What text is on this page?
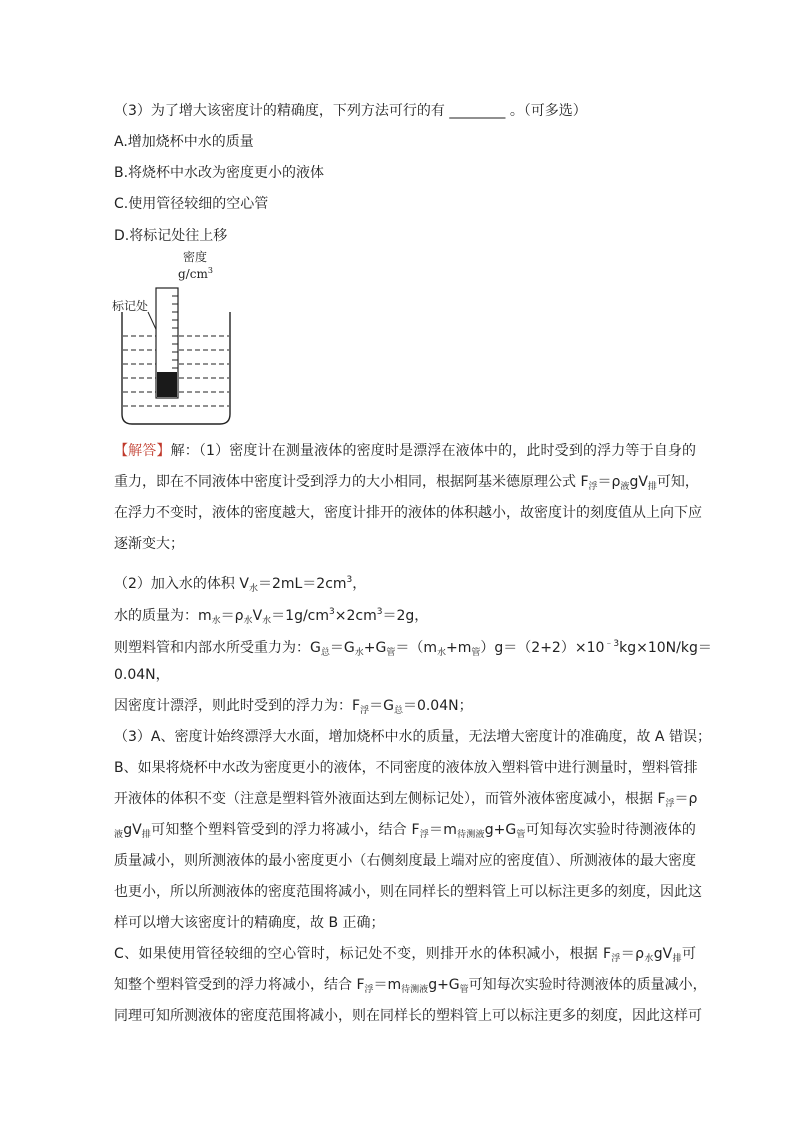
（3）为了增大该密度计的精确度，下列方法可行的有 ________ 。（可多选）
A.增加烧杯中水的质量
B.将烧杯中水改为密度更小的液体
C.使用管径较细的空心管
D.将标记处往上移
密度
$g/cm^3$
标记处
【解答】解：（1）密度计在测量液体的密度时是漂浮在液体中的，此时受到的浮力等于自身的
重力，即在不同液体中密度计受到浮力的大小相同，根据阿基米德原理公式 $F_浮=\rho_液gV_排$可知，
在浮力不变时，液体的密度越大，密度计排开的液体的体积越小，故密度计的刻度值从上向下应
逐渐变大；
（2）加入水的体积 $V_水=2mL=2cm^3$，
水的质量为：$m_水=\rho_水V_水=1g/cm^3\times 2cm^3=2g$，
则塑料管和内部水所受重力为：$G_总=G_水+G_管=(m_水+m_管)g=(2+2)\times 10^{﹣3}kg\times 10N/kg=$
0.04N，
因密度计漂浮，则此时受到的浮力为：$F_浮=G_总=0.04N$；
（3）A、密度计始终漂浮大水面，增加烧杯中水的质量，无法增大密度计的准确度，故 A 错误；
B、如果将烧杯中水改为密度更小的液体，不同密度的液体放入塑料管中进行测量时，塑料管排
开液体的体积不变（注意是塑料管外液面达到左侧标记处），而管外液体密度减小，根据 $F_浮=\rho$
$_液gV_排$可知整个塑料管受到的浮力将减小，结合 $F_浮=m_{待测液}g+G_管$可知每次实验时待测液体的
质量减小，则所测液体的最小密度更小（右侧刻度最上端对应的密度值）、所测液体的最大密度
也更小，所以所测液体的密度范围将减小，则在同样长的塑料管上可以标注更多的刻度，因此这
样可以增大该密度计的精确度，故 B 正确；
C、如果使用管径较细的空心管时，标记处不变，则排开水的体积减小，根据 $F_浮=\rho_水gV_排$可
知整个塑料管受到的浮力将减小，结合 $F_浮=m_{待测液}g+G_管$可知每次实验时待测液体的质量减小，
同理可知所测液体的密度范围将减小，则在同样长的塑料管上可以标注更多的刻度，因此这样可
